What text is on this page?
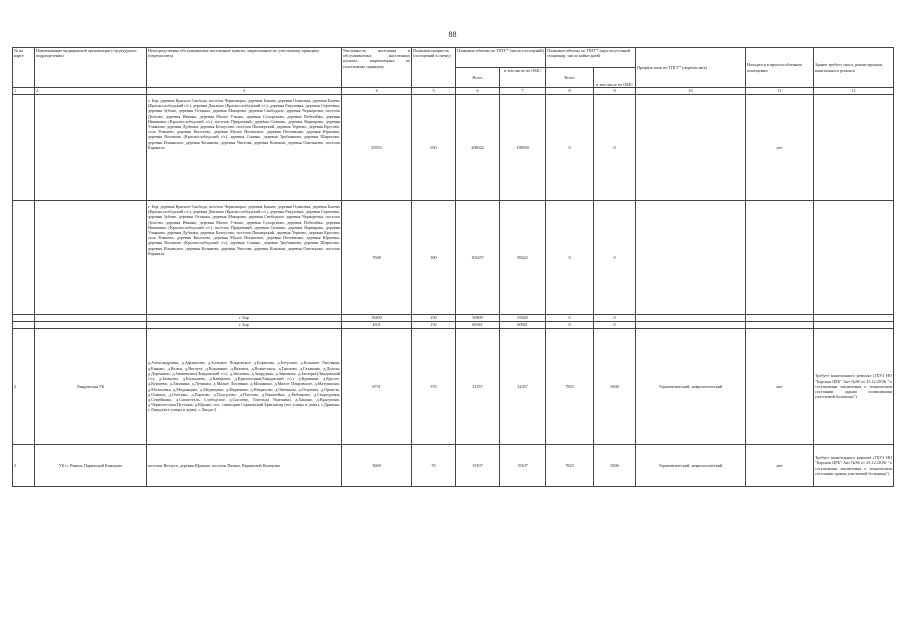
88
№ на карте	Наименование медицинской организации (структурного подразделения)	Непосредственно обслуживаемые населенные пункты, закрепленные по участковому принципу (перечислить)	Численность населения в обслуживаемых населенных пунктах, закрепленных по участковому принципу	Плановая мощность (посещений в смену)	Плановые объемы по ТПГГ* (число посещений)		Плановые объемы по ТПГГ* (круглосуточный стационар, число койко-дней)		Профиль коек по ТПГГ* (перечислить)	Находится в приспособленном помещении	Здание требует сноса, реконструкции, капитального ремонта
					Всего	в том числе по ОМС	Всего	в том числе по ОМС			
1	2	3	4	5	6	7	8	9	10	11	12
		г. Бор, деревня Красное Свобода, поселок Черноморье, деревня Бакаев, деревня Осиновка, деревня Бахево (Краснослободский с/с), деревня Донтино (Краснослободский с/с), деревня Ракуловка, деревня Сергеевка, деревня Зубово, деревня Останки, деревня Макарово, деревня Свободное, деревня Черноречка, поселок Долгово, деревня Ивкино, деревня Малое Утково, деревня Сухоруково, деревня Побегайка, деревня Ивашкино (Краснослободский с/с), поселок Приречный, деревня Ситково, деревня Варварово, деревня Ульяново, деревня Дубенки, деревня Белоусово, поселок Пионерский, деревня Тервово, деревня Крутово, село Рожнево, деревня Киселево, деревня Малое Ногинское, деревня Потемкино, деревня Юрьевка, деревня Воловово (Краснослободский с/с), деревня Сонино, деревня Трубниково, деревня Широтово, деревня Ильинское, деревня Козыково, деревня Чистова, деревня Козыков, деревня Омельково, поселок Каракаль	29553	650	208042	158830	0	0		нет	
		г. Бор, деревня Красное Свобода, поселок Черноморье, деревня Бакаев, деревня Осиновка, деревня Бахево (Краснослободский с/с), деревня Донтино (Краснослободский с/с), деревня Ракуловка, деревня Сергеевка, деревня Зубово, деревня Останки, деревня Макарово, деревня Свободное, деревня Черноречка, поселок Долгово, деревня Ивкино, деревня Малое Утково, деревня Сухоруково, деревня Побегайка, деревня Ивашкино (Краснослободский с/с), поселок Приречный, деревня Ситково, деревня Варварово, деревня Ульяново, деревня Дубенки, деревня Белоусово, поселок Пионерский, деревня Тервово, деревня Крутово, село Рожнево, деревня Киселево, деревня Малое Ногинское, деревня Потемкино, деревня Юрьевка, деревня Воловово (Краснослободский с/с), деревня Сонино, деревня Трубниково, деревня Широтово, деревня Ильинское, деревня Козыково, деревня Чистова, деревня Козыков, деревня Омельково, поселок Каракаль	7948	300	103457	98422	0	0			
		г. Бор	18409	250	50809	55820	0	0			
		г. Бор	4501	150	60941	60941	0	0			
2	Линдовская УБ	д.Александровка, д.Афонасово, д.Большое Покровское, д.Борисово, д.Ботулово, д.Большие Листвяни, д.Быково, д.Валки, д.Ветлуга, д.Ворошиво, д.Вязовец, д.Вознесенск, д.Гнилово, д.Галанино, д.Долгая, д.Дорожино, д.Знаменское(Линдовский с/с), д.Звозовка, д.Запрудная, д.Зиновиха, д.Заозерье(Линдовский с/с), д.Заовьево, д.Калышево, д.Каверино, д.Красногорка(Линдовский с/с), д.Крившки, д.Крутое, д.Куршево, д.Лапшина, д.Лучинки, д.Малые Листвяни, д.Маланино, д.Малое Покровское, д.Матушкино, д.Малаховка, д.Медынцево, д.Медведевы, д.Марюково, д.Некрасово, д.Овечкино, д.Остреево, д.Оренеть, д.Осинки, д.Охотино, д.Партово, д.Подгулово, д.Плотово, д.Рыкалейка, д.Рябчиково, д.Скородумки, д.Семейкино, д.Сапоготаль, Слободское, д.Сысоево, Топельда Ушаткино, д.Ханино, д.Красулино, д.Чернолесская Пустынь, д.Юрино, пос. санатория Сормовский Бригантир (все улицы и дома), с.Дрязино, с.Линдо(все улицы и дома), с.Линдо-2	6751	370	32357	32357	7825	5000	Терапевтический, неврологический	нет	Требует капитального ремонта (ГБУЗ НО "Борская ЦРБ" Акт №86 от 25.12.2019г "о составлении заключения о техническом состоянии здания поликлиники участковой больницы")
3	УБ п. Память Парижской Коммуны	поселок Ветлуга, деревня Щукино, поселок Память Парижской Коммуны	5669	70	19107	19107	7825	5000	Терапевтический, неврологический	нет	Требует капитального ремонта (ГБУЗ НО "Борская ЦРБ" Акт №86 от 25.12.2019г "о составлении заключения о техническом состоянии здания участковой больницы")
